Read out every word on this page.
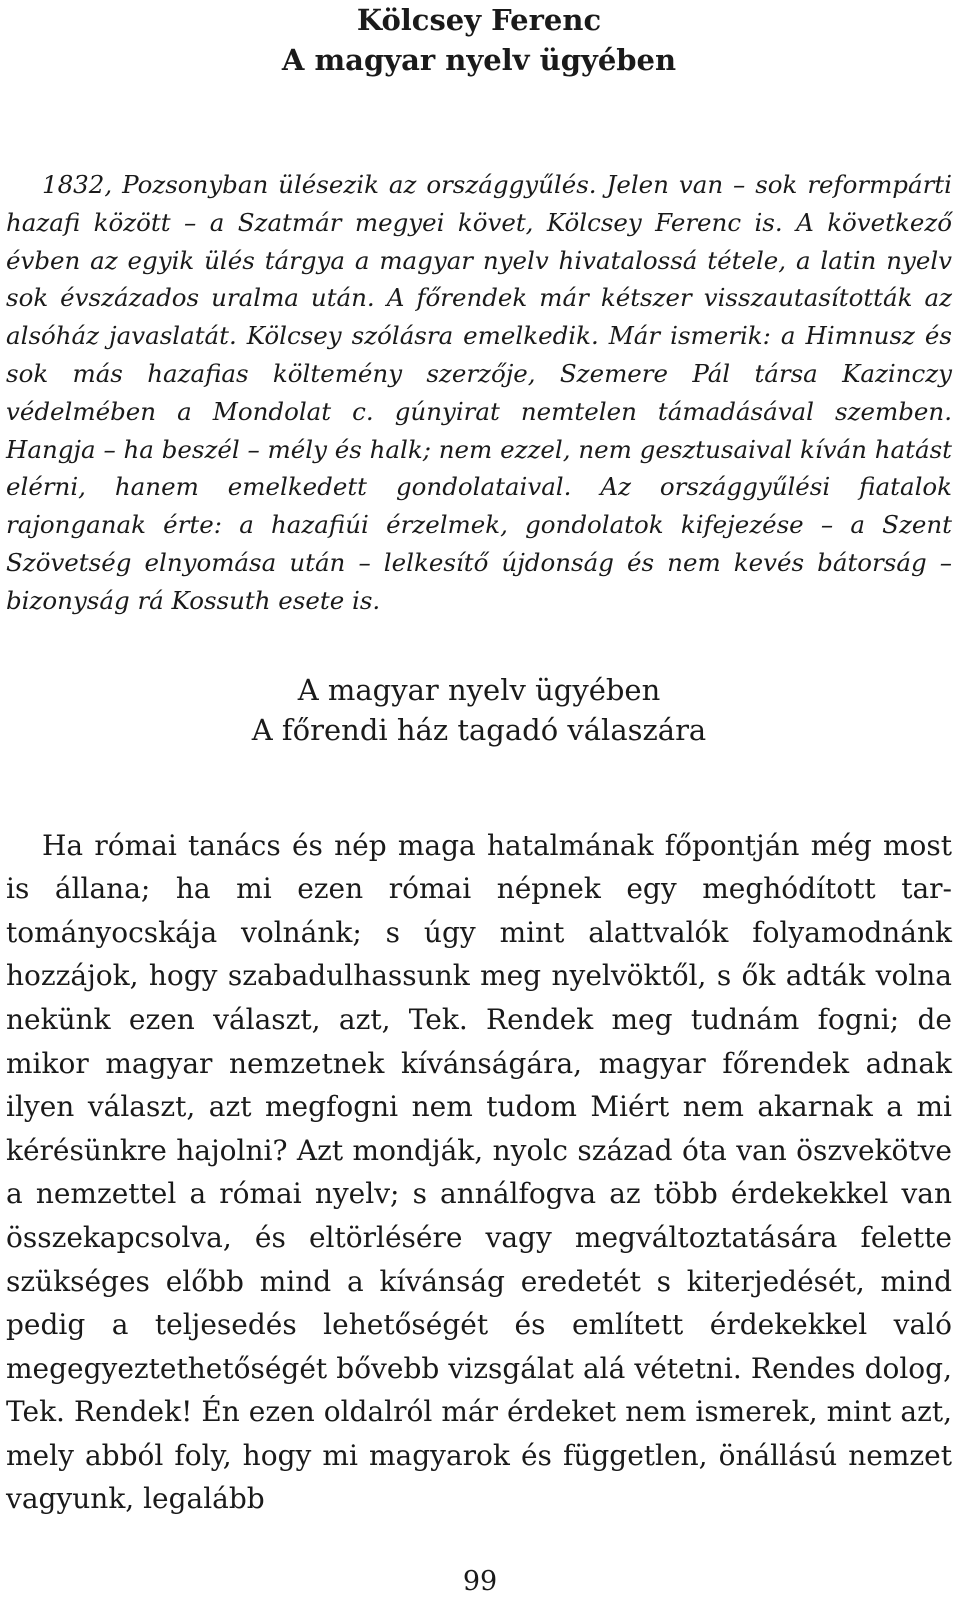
Kölcsey Ferenc
A magyar nyelv ügyében
1832, Pozsonyban ülésezik az országgyűlés. Jelen van – sok reformpárti hazafi között – a Szatmár megyei követ, Kölcsey Ferenc is. A következő évben az egyik ülés tárgya a magyar nyelv hivatalossá tétele, a latin nyelv sok évszázados uralma után. A főrendek már kétszer visszautasították az alsóház javaslatát. Kölcsey szólásra emelkedik. Már ismerik: a Himnusz és sok más hazafias költemény szerzője, Szemere Pál társa Kazinczy védelmében a Mondolat c. gúnyirat nemtelen támadásával szemben. Hangja – ha beszél – mély és halk; nem ezzel, nem gesztusaival kíván hatást elérni, hanem emelkedett gondolataival. Az országgyűlési fiatalok rajonganak érte: a hazafiúi érzelmek, gondolatok kifejezése – a Szent Szövetség elnyomása után – lelkesítő újdonság és nem kevés bátorság – bizonyság rá Kossuth esete is.
A magyar nyelv ügyében
A főrendi ház tagadó válaszára
Ha római tanács és nép maga hatalmának főpontján még most is állana; ha mi ezen római népnek egy meghódított tartományocskája volnánk; s úgy mint alattvalók folyamodnánk hozzájok, hogy szabadulhassunk meg nyelvöktől, s ők adták volna nekünk ezen választ, azt, Tek. Rendek meg tudnám fogni; de mikor magyar nemzetnek kívánságára, magyar főrendek adnak ilyen választ, azt megfogni nem tudom Miért nem akarnak a mi kérésünkre hajolni? Azt mondják, nyolc század óta van öszvekötve a nemzettel a római nyelv; s annálfogva az több érdekekkel van összekapcsolva, és eltörlésére vagy megváltoztatására felette szükséges előbb mind a kívánság eredetét s kiterjedését, mind pedig a teljesedés lehetőségét és említett érdekekkel való megegyeztethetőségét bővebb vizsgálat alá vétetni. Rendes dolog, Tek. Rendek! Én ezen oldalról már érdeket nem ismerek, mint azt, mely abból foly, hogy mi magyarok és független, önállású nemzet vagyunk, legalább
99
